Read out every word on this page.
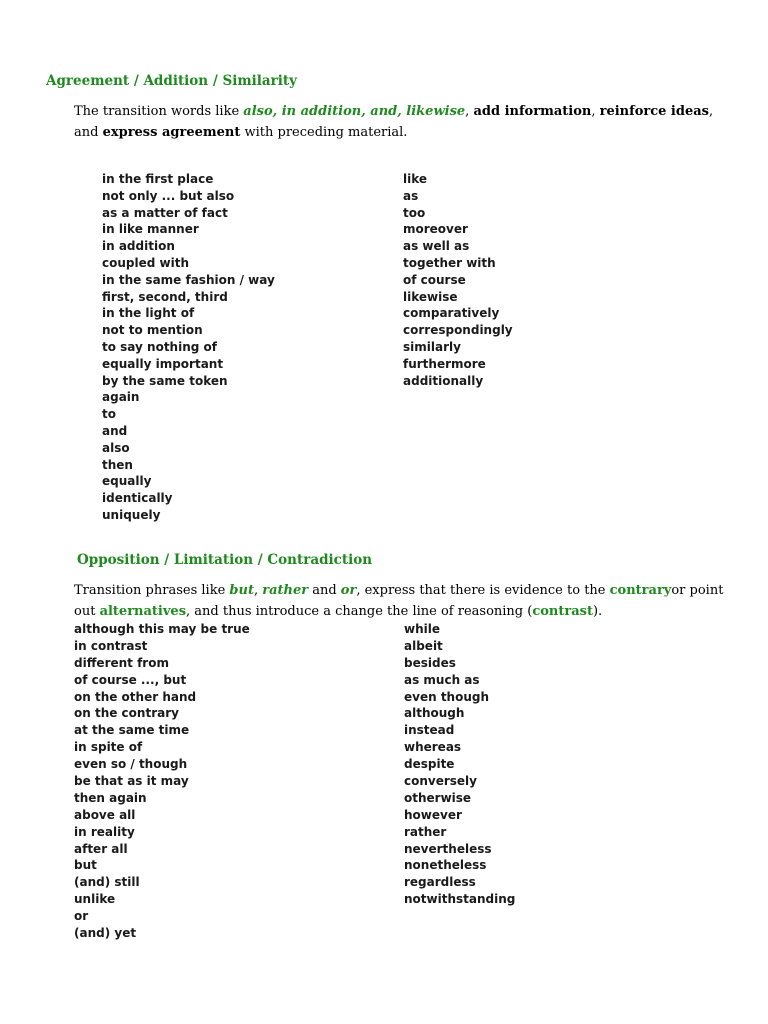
Agreement / Addition / Similarity
The transition words like also, in addition, and, likewise, add information, reinforce ideas, and express agreement with preceding material.
in the first place
not only ... but also
as a matter of fact
in like manner
in addition
coupled with
in the same fashion / way
first, second, third
in the light of
not to mention
to say nothing of
equally important
by the same token
again
to
and
also
then
equally
identically
uniquely
like
as
too
moreover
as well as
together with
of course
likewise
comparatively
correspondingly
similarly
furthermore
additionally
Opposition / Limitation / Contradiction
Transition phrases like but, rather and or, express that there is evidence to the contraryor point out alternatives, and thus introduce a change the line of reasoning (contrast).
although this may be true
in contrast
different from
of course ..., but
on the other hand
on the contrary
at the same time
in spite of
even so / though
be that as it may
then again
above all
in reality
after all
but
(and) still
unlike
or
(and) yet
while
albeit
besides
as much as
even though
although
instead
whereas
despite
conversely
otherwise
however
rather
nevertheless
nonetheless
regardless
notwithstanding
